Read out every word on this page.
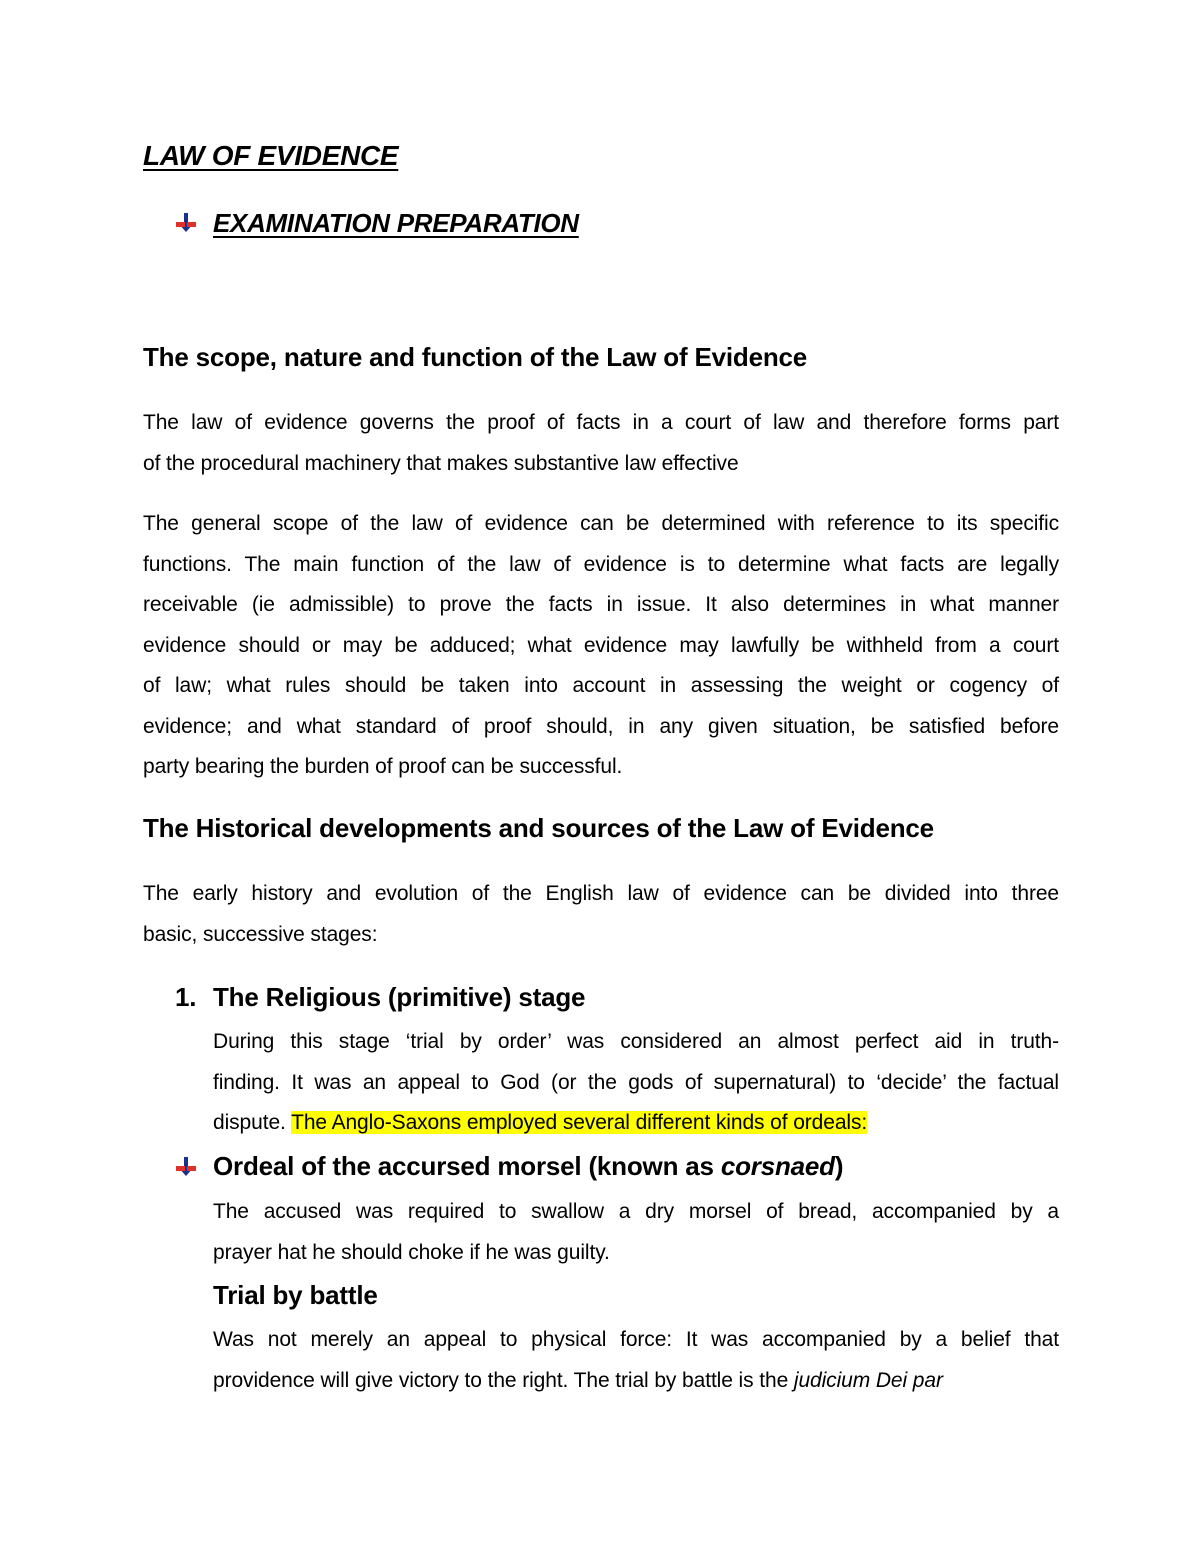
LAW OF EVIDENCE
EXAMINATION PREPARATION
The scope, nature and function of the Law of Evidence
The law of evidence governs the proof of facts in a court of law and therefore forms part
of the procedural machinery that makes substantive law effective
The general scope of the law of evidence can be determined with reference to its specific
functions. The main function of the law of evidence is to determine what facts are legally
receivable (ie admissible) to prove the facts in issue. It also determines in what manner
evidence should or may be adduced; what evidence may lawfully be withheld from a court
of law; what rules should be taken into account in assessing the weight or cogency of
evidence; and what standard of proof should, in any given situation, be satisfied before
party bearing the burden of proof can be successful.
The Historical developments and sources of the Law of Evidence
The early history and evolution of the English law of evidence can be divided into three
basic, successive stages:
1. The Religious (primitive) stage
During this stage ‘trial by order’ was considered an almost perfect aid in truth-
finding. It was an appeal to God (or the gods of supernatural) to ‘decide’ the factual
dispute. The Anglo-Saxons employed several different kinds of ordeals:
Ordeal of the accursed morsel (known as corsnaed)
The accused was required to swallow a dry morsel of bread, accompanied by a
prayer hat he should choke if he was guilty.
Trial by battle
Was not merely an appeal to physical force: It was accompanied by a belief that
providence will give victory to the right. The trial by battle is the judicium Dei par
